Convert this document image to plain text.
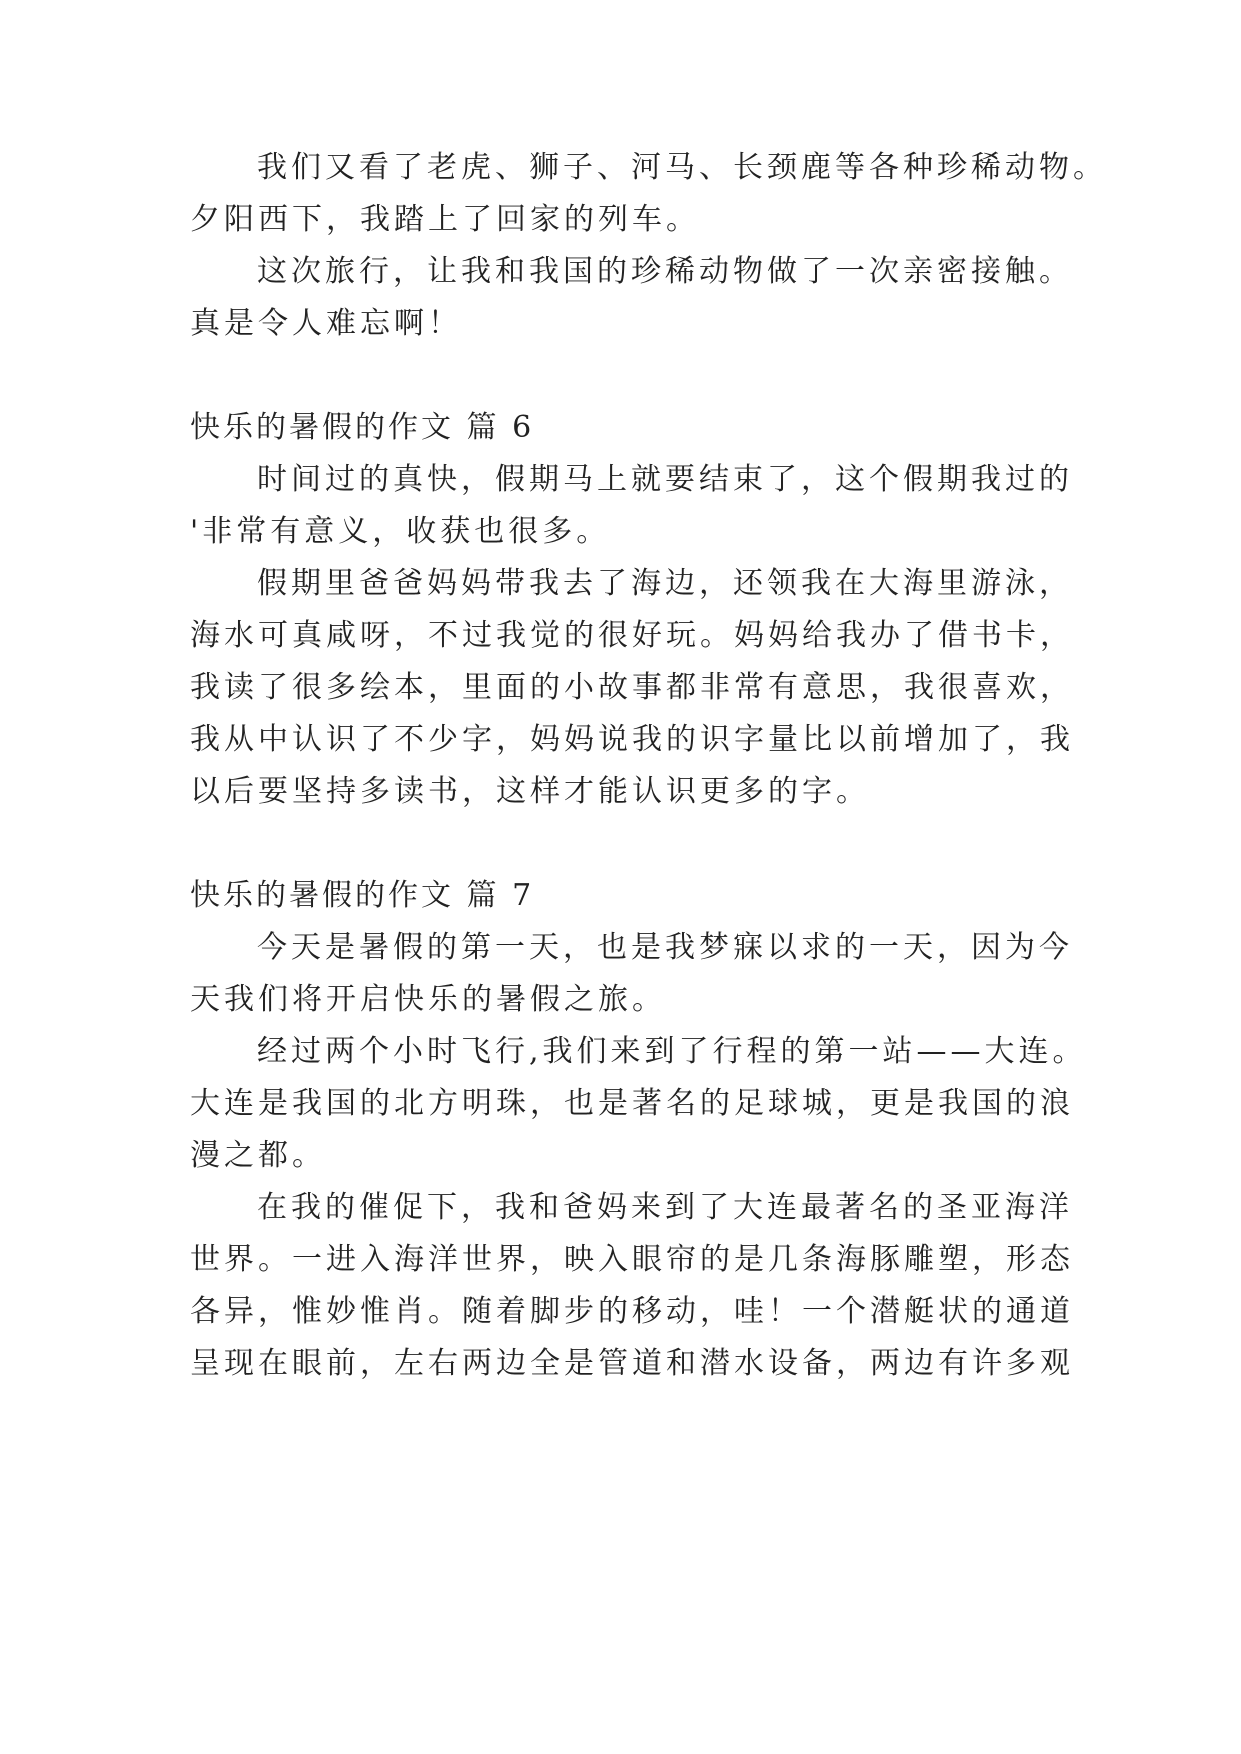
我们又看了老虎、狮子、河马、长颈鹿等各种珍稀动物。
夕阳西下，我踏上了回家的列车。
这次旅行，让我和我国的珍稀动物做了一次亲密接触。
真是令人难忘啊！
快乐的暑假的作文 篇 6
时间过的真快，假期马上就要结束了，这个假期我过的
'非常有意义，收获也很多。
假期里爸爸妈妈带我去了海边，还领我在大海里游泳，
海水可真咸呀，不过我觉的很好玩。妈妈给我办了借书卡，
我读了很多绘本，里面的小故事都非常有意思，我很喜欢，
我从中认识了不少字，妈妈说我的识字量比以前增加了，我
以后要坚持多读书，这样才能认识更多的字。
快乐的暑假的作文 篇 7
今天是暑假的第一天，也是我梦寐以求的一天，因为今
天我们将开启快乐的暑假之旅。
经过两个小时飞行,我们来到了行程的第一站——大连。
大连是我国的北方明珠，也是著名的足球城，更是我国的浪
漫之都。
在我的催促下，我和爸妈来到了大连最著名的圣亚海洋
世界。一进入海洋世界，映入眼帘的是几条海豚雕塑，形态
各异，惟妙惟肖。随着脚步的移动，哇！一个潜艇状的通道
呈现在眼前，左右两边全是管道和潜水设备，两边有许多观
